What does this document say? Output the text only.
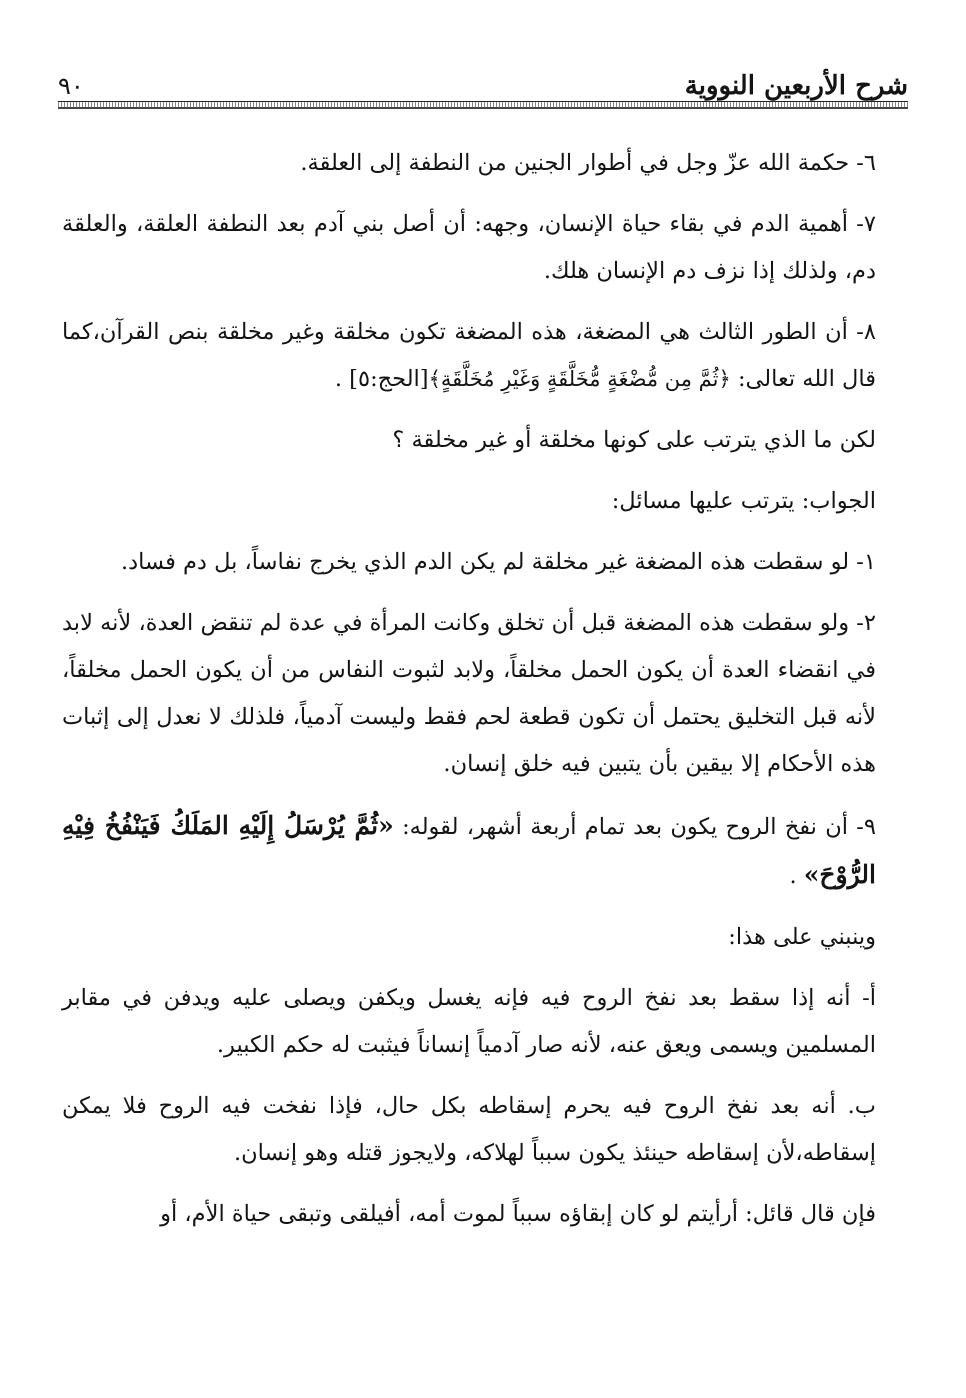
شرح الأربعين النووية
٩٠

٦- حكمة الله عزّ وجل في أطوار الجنين من النطفة إلى العلقة.

٧- أهمية الدم في بقاء حياة الإنسان، وجهه: أن أصل بني آدم بعد النطفة العلقة، والعلقة دم، ولذلك إذا نزف دم الإنسان هلك.

٨- أن الطور الثالث هي المضغة، هذه المضغة تكون مخلقة وغير مخلقة بنص القرآن،كما قال الله تعالى: ﴿ثُمَّ مِن مُّضْغَةٍ مُّخَلَّقَةٍ وَغَيْرِ مُخَلَّقَةٍ﴾[الحج:٥] .

لكن ما الذي يترتب على كونها مخلقة أو غير مخلقة ؟

الجواب: يترتب عليها مسائل:

١- لو سقطت هذه المضغة غير مخلقة لم يكن الدم الذي يخرج نفاساً، بل دم فساد.

٢- ولو سقطت هذه المضغة قبل أن تخلق وكانت المرأة في عدة لم تنقض العدة، لأنه لابد في انقضاء العدة أن يكون الحمل مخلقاً، ولابد لثبوت النفاس من أن يكون الحمل مخلقاً، لأنه قبل التخليق يحتمل أن تكون قطعة لحم فقط وليست آدمياً، فلذلك لا نعدل إلى إثبات هذه الأحكام إلا بيقين بأن يتبين فيه خلق إنسان.

٩- أن نفخ الروح يكون بعد تمام أربعة أشهر، لقوله: «ثُمَّ يُرْسَلُ إِلَيْهِ المَلَكُ فَيَنْفُخُ فِيْهِ الرُّوْحَ» .

وينبني على هذا:

أ- أنه إذا سقط بعد نفخ الروح فيه فإنه يغسل ويكفن ويصلى عليه ويدفن في مقابر المسلمين ويسمى ويعق عنه، لأنه صار آدمياً إنساناً فيثبت له حكم الكبير.

ب. أنه بعد نفخ الروح فيه يحرم إسقاطه بكل حال، فإذا نفخت فيه الروح فلا يمكن إسقاطه،لأن إسقاطه حينئذ يكون سبباً لهلاكه، ولايجوز قتله وهو إنسان.

فإن قال قائل: أرأيتم لو كان إبقاؤه سبباً لموت أمه، أفيلقى وتبقى حياة الأم، أو
